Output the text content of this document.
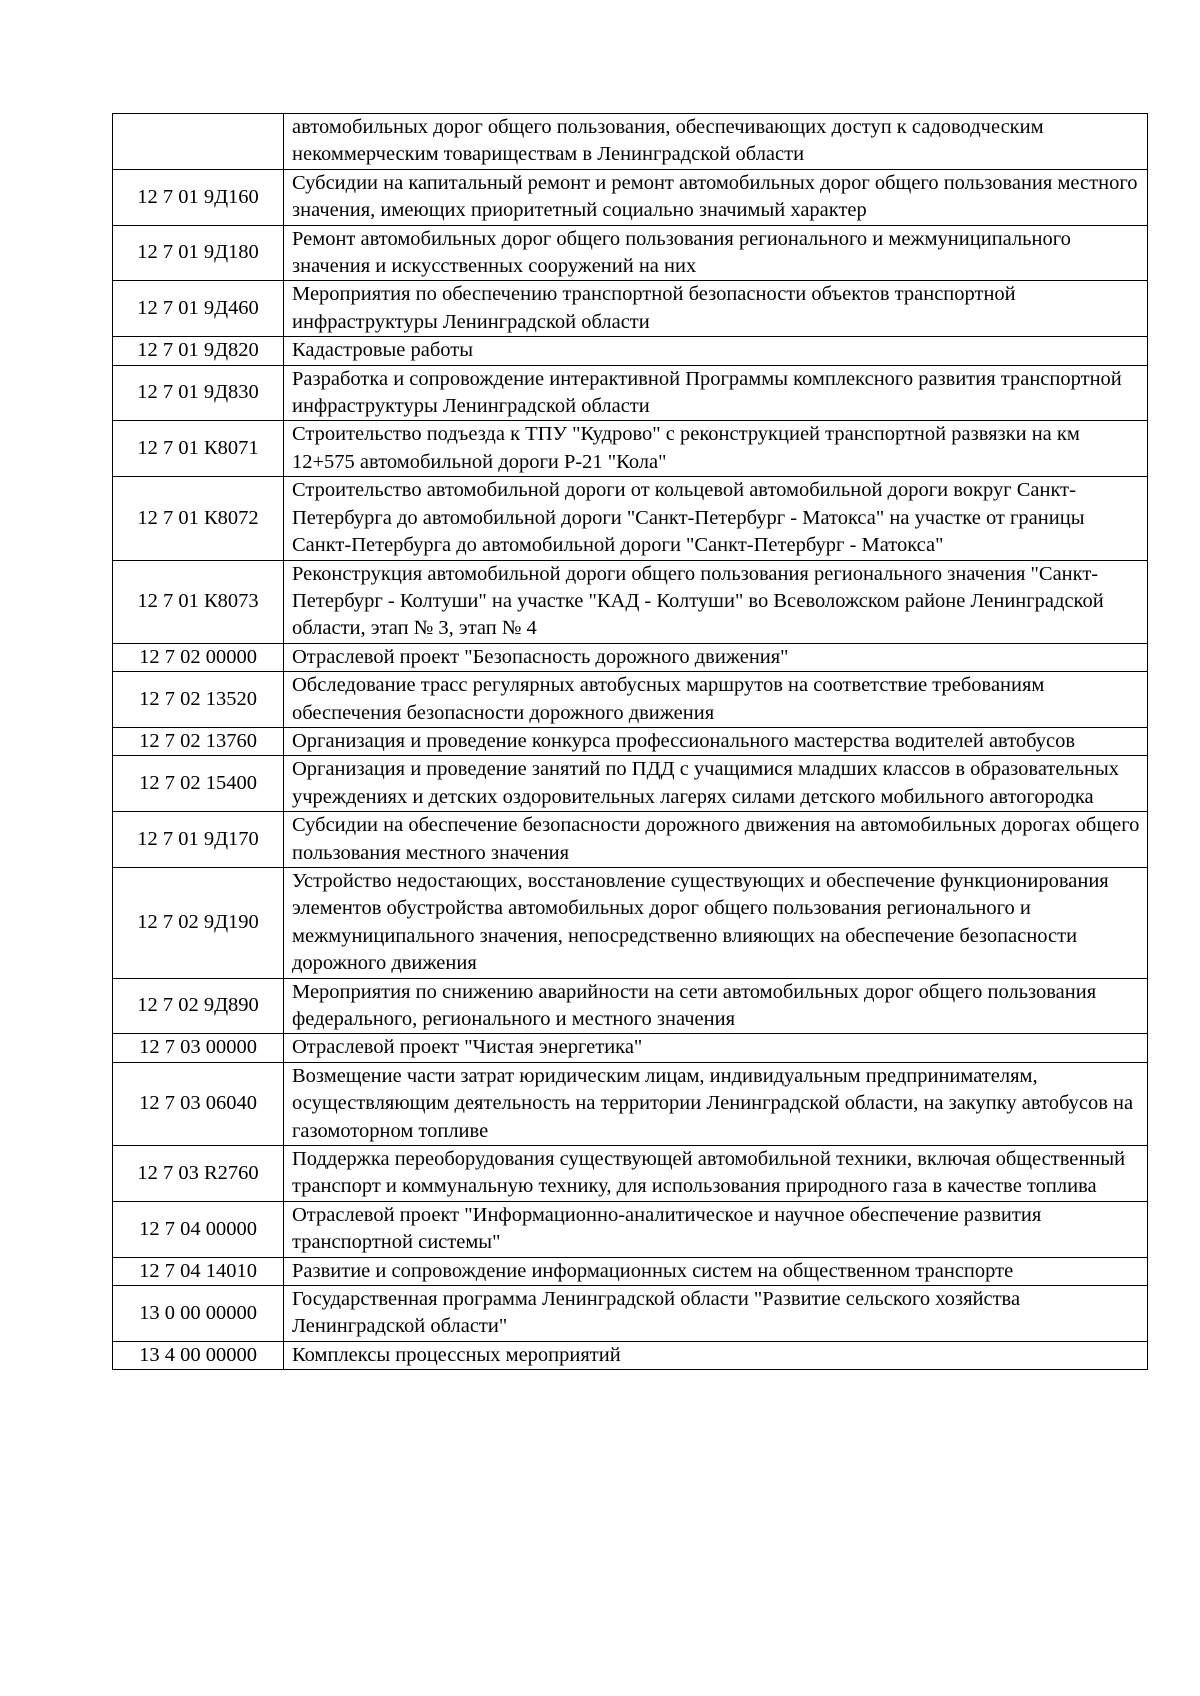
	автомобильных дорог общего пользования, обеспечивающих доступ к садоводческим некоммерческим товариществам в Ленинградской области
12 7 01 9Д160	Субсидии на капитальный ремонт и ремонт автомобильных дорог общего пользования местного значения, имеющих приоритетный социально значимый характер
12 7 01 9Д180	Ремонт автомобильных дорог общего пользования регионального и межмуниципального значения и искусственных сооружений на них
12 7 01 9Д460	Мероприятия по обеспечению транспортной безопасности объектов транспортной инфраструктуры Ленинградской области
12 7 01 9Д820	Кадастровые работы
12 7 01 9Д830	Разработка и сопровождение интерактивной Программы комплексного развития транспортной инфраструктуры Ленинградской области
12 7 01 К8071	Строительство подъезда к ТПУ "Кудрово" с реконструкцией транспортной развязки на км 12+575 автомобильной дороги Р-21 "Кола"
12 7 01 К8072	Строительство автомобильной дороги от кольцевой автомобильной дороги вокруг Санкт-Петербурга до автомобильной дороги "Санкт-Петербург - Матокса" на участке от границы Санкт-Петербурга до автомобильной дороги "Санкт-Петербург - Матокса"
12 7 01 К8073	Реконструкция автомобильной дороги общего пользования регионального значения "Санкт-Петербург - Колтуши" на участке "КАД - Колтуши" во Всеволожском районе Ленинградской области, этап № 3, этап № 4
12 7 02 00000	Отраслевой проект "Безопасность дорожного движения"
12 7 02 13520	Обследование трасс регулярных автобусных маршрутов на соответствие требованиям обеспечения безопасности дорожного движения
12 7 02 13760	Организация и проведение конкурса профессионального мастерства водителей автобусов
12 7 02 15400	Организация и проведение занятий по ПДД с учащимися младших классов в образовательных учреждениях и детских оздоровительных лагерях силами детского мобильного автогородка
12 7 01 9Д170	Субсидии на обеспечение безопасности дорожного движения на автомобильных дорогах общего пользования местного значения
12 7 02 9Д190	Устройство недостающих, восстановление существующих и обеспечение функционирования элементов обустройства автомобильных дорог общего пользования регионального и межмуниципального значения, непосредственно влияющих на обеспечение безопасности дорожного движения
12 7 02 9Д890	Мероприятия по снижению аварийности на сети автомобильных дорог общего пользования федерального, регионального и местного значения
12 7 03 00000	Отраслевой проект "Чистая энергетика"
12 7 03 06040	Возмещение части затрат юридическим лицам, индивидуальным предпринимателям, осуществляющим деятельность на территории Ленинградской области, на закупку автобусов на газомоторном топливе
12 7 03 R2760	Поддержка переоборудования существующей автомобильной техники, включая общественный транспорт и коммунальную технику, для использования природного газа в качестве топлива
12 7 04 00000	Отраслевой проект "Информационно-аналитическое и научное обеспечение развития транспортной системы"
12 7 04 14010	Развитие и сопровождение информационных систем на общественном транспорте
13 0 00 00000	Государственная программа Ленинградской области "Развитие сельского хозяйства Ленинградской области"
13 4 00 00000	Комплексы процессных мероприятий
